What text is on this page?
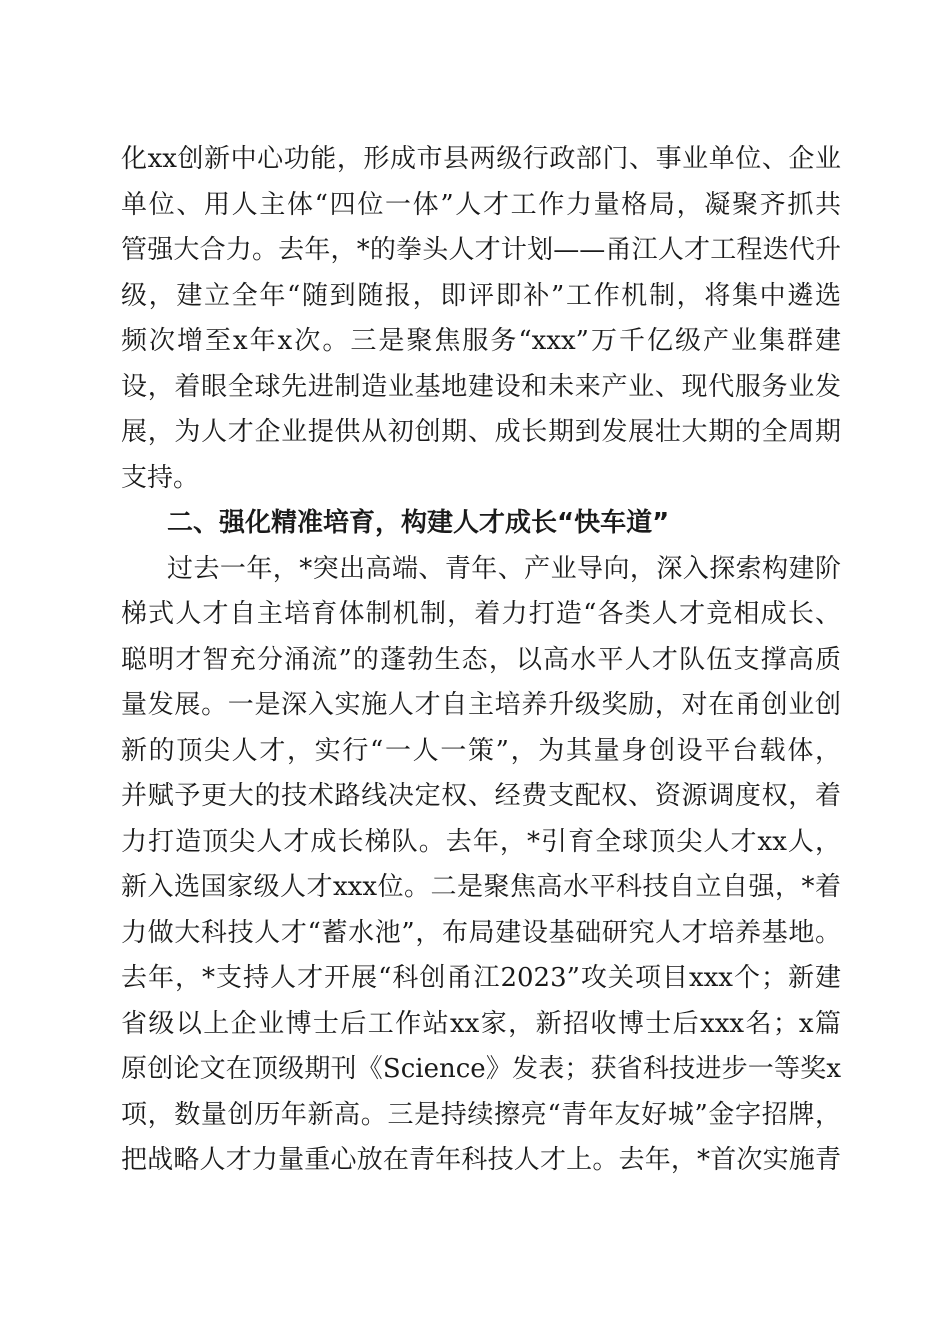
化xx创新中心功能，形成市县两级行政部门、事业单位、企业
单位、用人主体“四位一体”人才工作力量格局，凝聚齐抓共
管强大合力。去年，*的拳头人才计划——甬江人才工程迭代升
级，建立全年“随到随报，即评即补”工作机制，将集中遴选
频次增至x年x次。三是聚焦服务“xxx”万千亿级产业集群建
设，着眼全球先进制造业基地建设和未来产业、现代服务业发
展，为人才企业提供从初创期、成长期到发展壮大期的全周期
支持。
二、强化精准培育，构建人才成长“快车道”
过去一年，*突出高端、青年、产业导向，深入探索构建阶
梯式人才自主培育体制机制，着力打造“各类人才竞相成长、
聪明才智充分涌流”的蓬勃生态，以高水平人才队伍支撑高质
量发展。一是深入实施人才自主培养升级奖励，对在甬创业创
新的顶尖人才，实行“一人一策”，为其量身创设平台载体，
并赋予更大的技术路线决定权、经费支配权、资源调度权，着
力打造顶尖人才成长梯队。去年，*引育全球顶尖人才xx人，
新入选国家级人才xxx位。二是聚焦高水平科技自立自强，*着
力做大科技人才“蓄水池”，布局建设基础研究人才培养基地。
去年，*支持人才开展“科创甬江2023”攻关项目xxx个；新建
省级以上企业博士后工作站xx家，新招收博士后xxx名；x篇
原创论文在顶级期刊《Science》发表；获省科技进步一等奖x
项，数量创历年新高。三是持续擦亮“青年友好城”金字招牌，
把战略人才力量重心放在青年科技人才上。去年，*首次实施青
